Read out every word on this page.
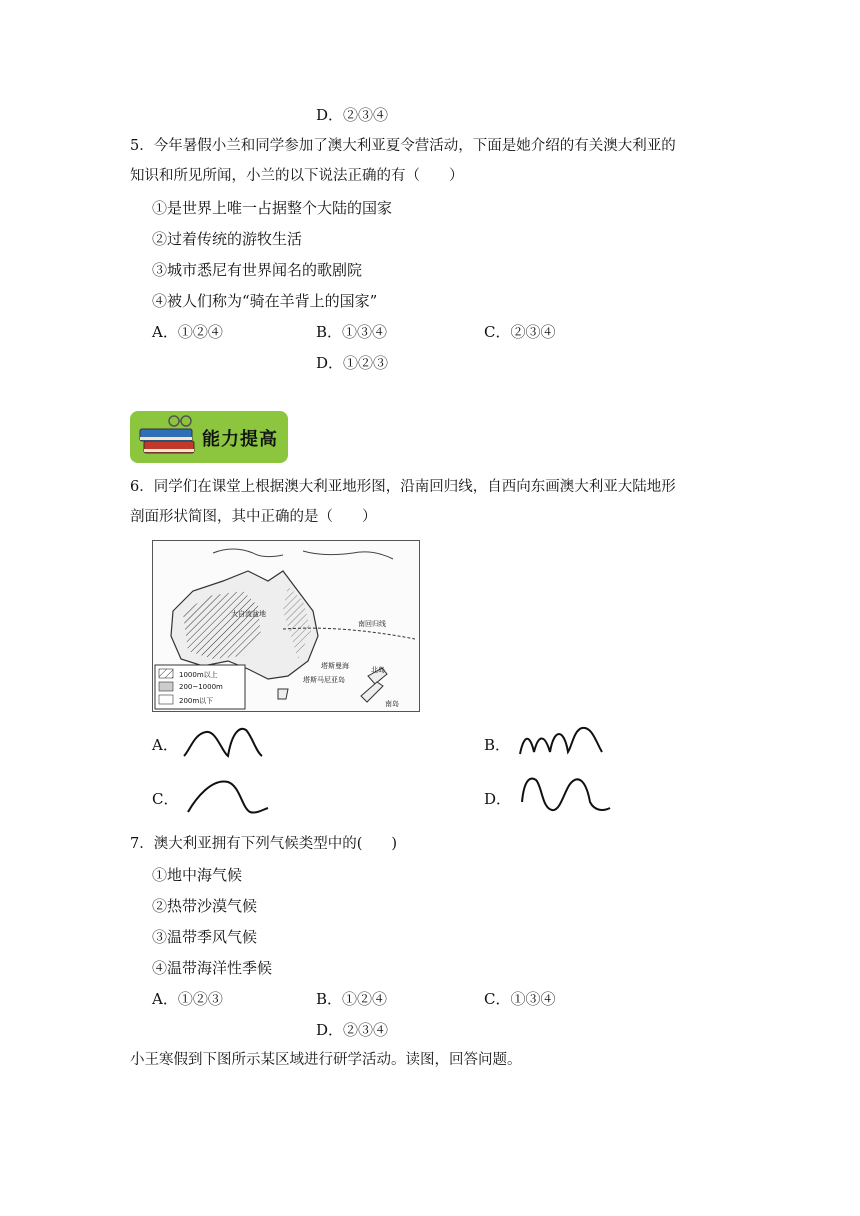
D．②③④
5．今年暑假小兰和同学参加了澳大利亚夏令营活动，下面是她介绍的有关澳大利亚的
知识和所见所闻，小兰的以下说法正确的有（　　）
①是世界上唯一占据整个大陆的国家
②过着传统的游牧生活
③城市悉尼有世界闻名的歌剧院
④被人们称为“骑在羊背上的国家”
A．①②④	B．①③④	C．②③④
D．①②③
能力提高
6．同学们在课堂上根据澳大利亚地形图，沿南回归线，自西向东画澳大利亚大陆地形
剖面形状简图，其中正确的是（　　）
大自流盆地
南回归线
塔斯曼海
塔斯马尼亚岛
北岛
南岛
1000m以上
200~1000m
200m以下
A．	B．
C．	D．
7．澳大利亚拥有下列气候类型中的(　　)
①地中海气候
②热带沙漠气候
③温带季风气候
④温带海洋性季候
A．①②③	B．①②④	C．①③④
D．②③④
小王寒假到下图所示某区域进行研学活动。读图，回答问题。
